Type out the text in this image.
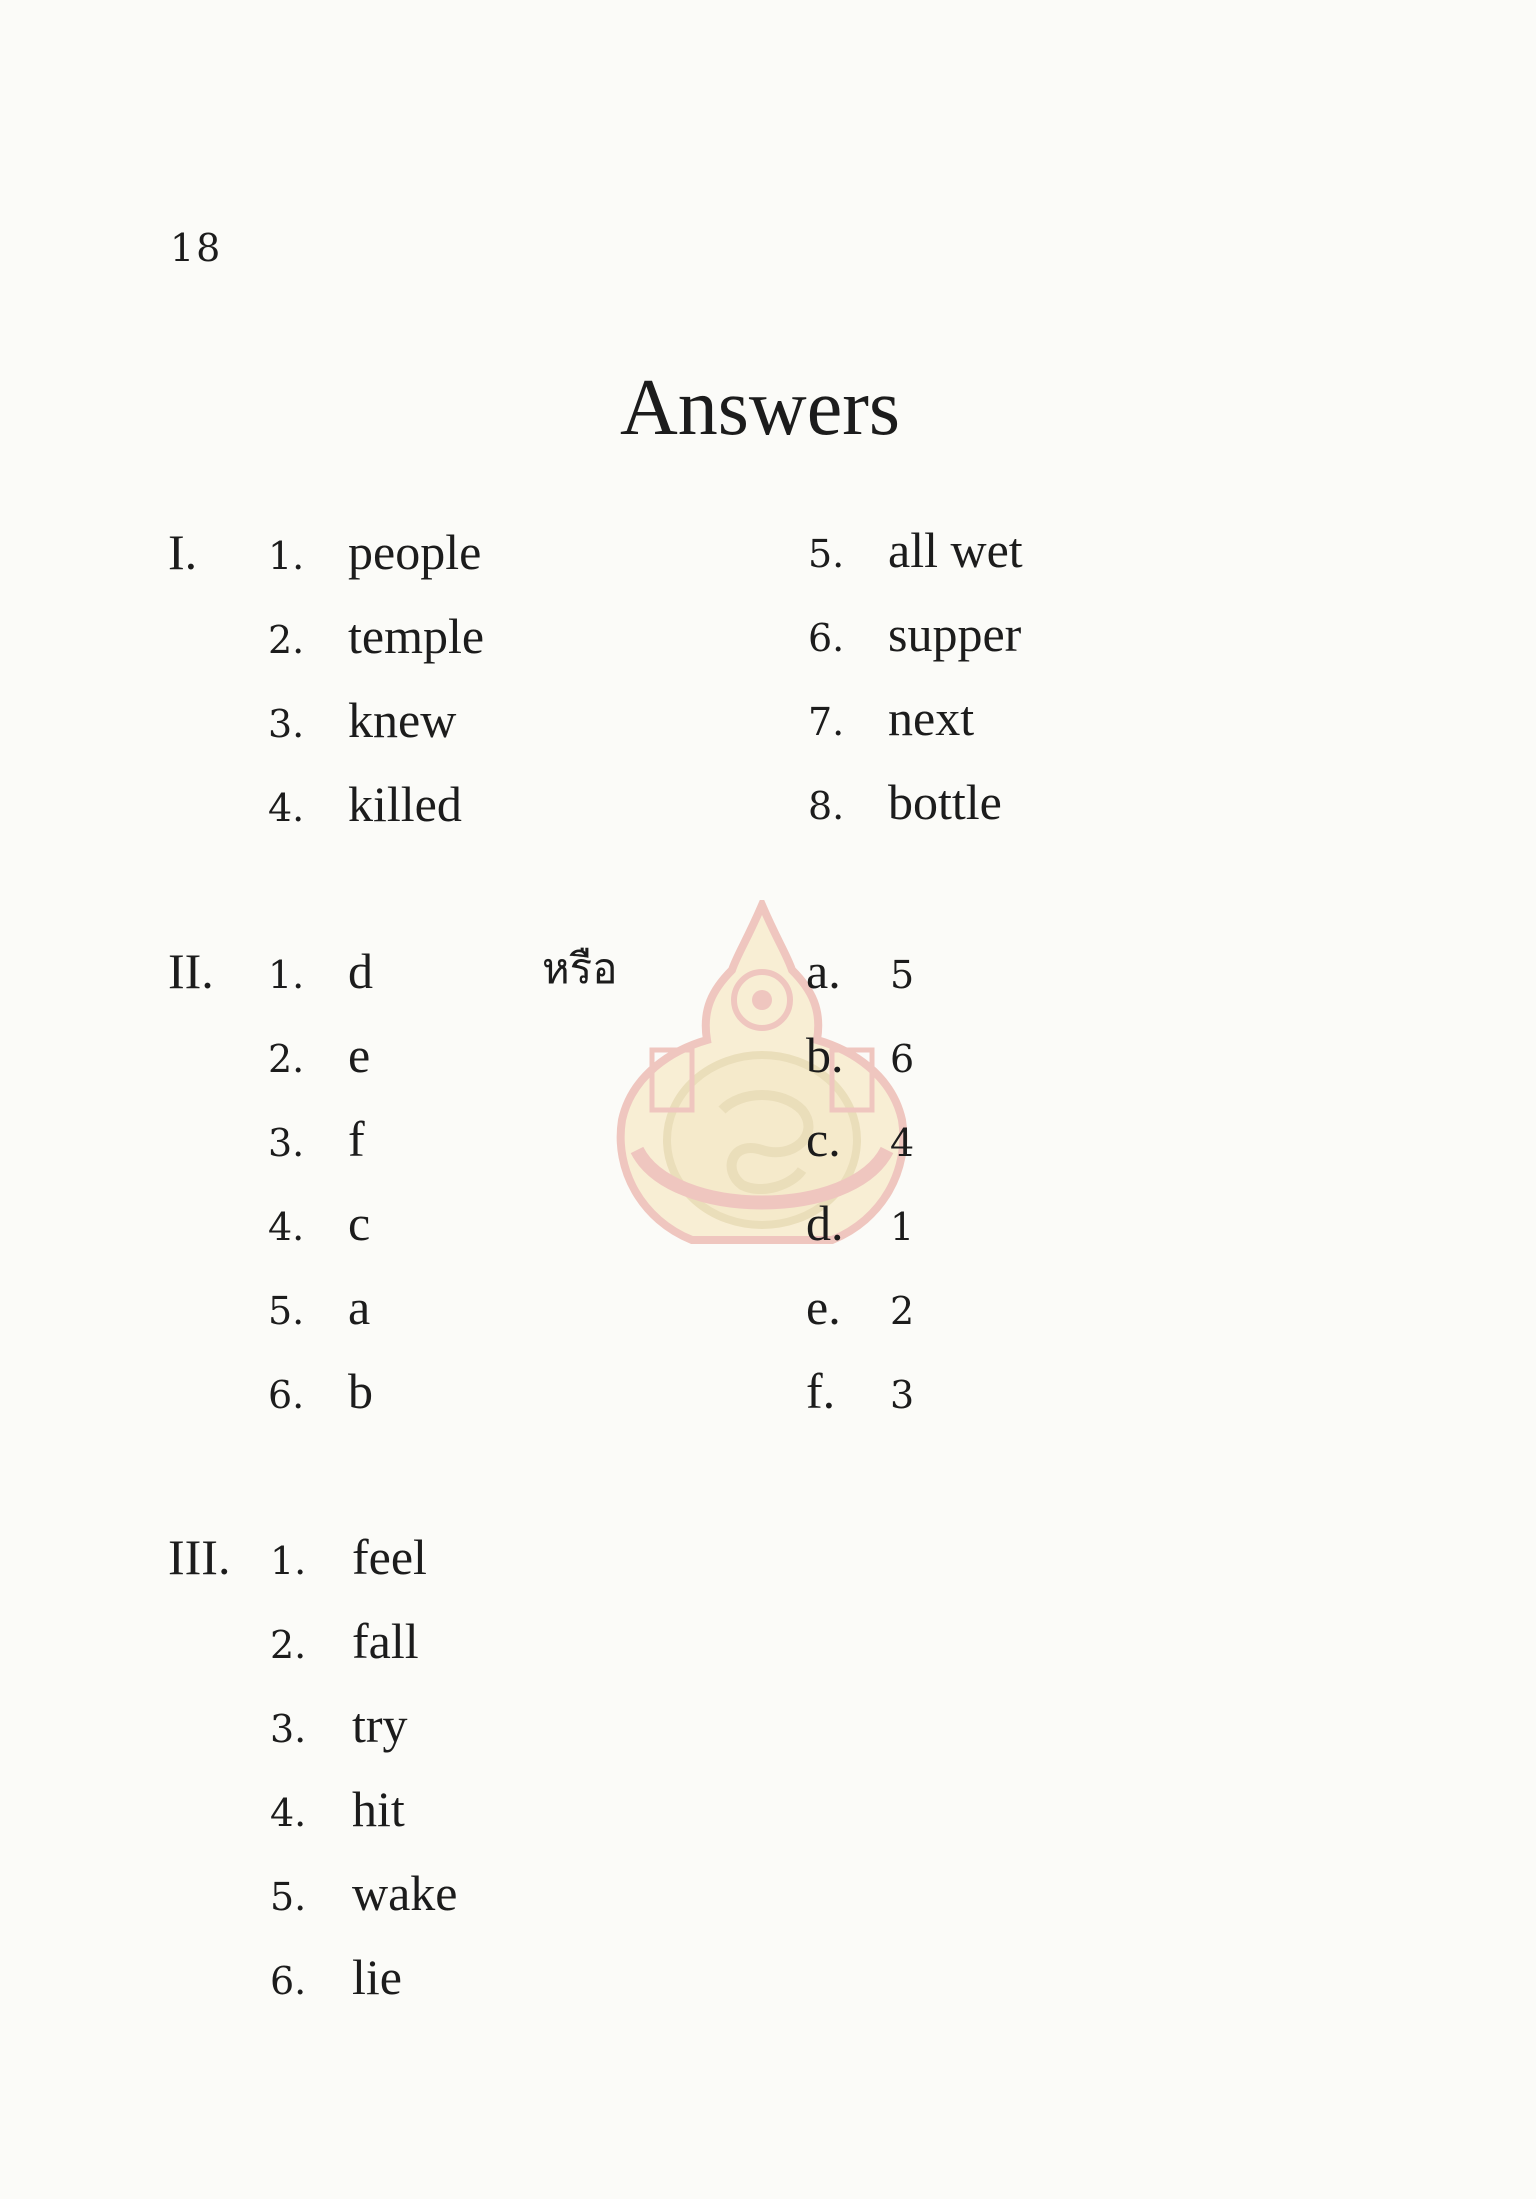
18
Answers
I. 1. people
2. temple
3. knew
4. killed
5. all wet
6. supper
7. next
8. bottle
II.	หรือ
1. d
2. e
3. f
4. c
5. a
6. b
a. 5
b. 6
c. 4
d. 1
e. 2
f. 3
III. 1. feel
2. fall
3. try
4. hit
5. wake
6. lie
